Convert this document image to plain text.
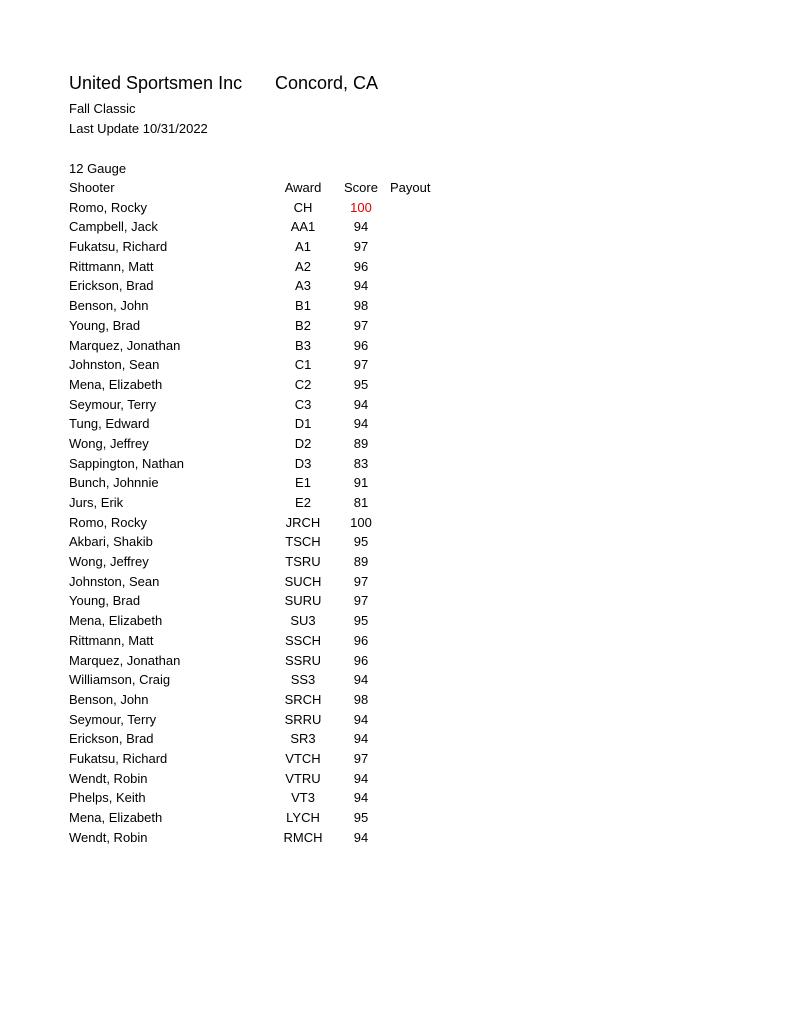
United Sportsmen Inc Concord, CA
Fall Classic
Last Update 10/31/2022
12 Gauge
Shooter	Award Score Payout
Romo, Rocky	CH	100
Campbell, Jack	AA1	94
Fukatsu, Richard	A1	97
Rittmann, Matt	A2	96
Erickson, Brad	A3	94
Benson, John	B1	98
Young, Brad	B2	97
Marquez, Jonathan	B3	96
Johnston, Sean	C1	97
Mena, Elizabeth	C2	95
Seymour, Terry	C3	94
Tung, Edward	D1	94
Wong, Jeffrey	D2	89
Sappington, Nathan	D3	83
Bunch, Johnnie	E1	91
Jurs, Erik	E2	81
Romo, Rocky	JRCH	100
Akbari, Shakib	TSCH	95
Wong, Jeffrey	TSRU	89
Johnston, Sean	SUCH	97
Young, Brad	SURU	97
Mena, Elizabeth	SU3	95
Rittmann, Matt	SSCH	96
Marquez, Jonathan	SSRU	96
Williamson, Craig	SS3	94
Benson, John	SRCH	98
Seymour, Terry	SRRU	94
Erickson, Brad	SR3	94
Fukatsu, Richard	VTCH	97
Wendt, Robin	VTRU	94
Phelps, Keith	VT3	94
Mena, Elizabeth	LYCH	95
Wendt, Robin	RMCH	94
